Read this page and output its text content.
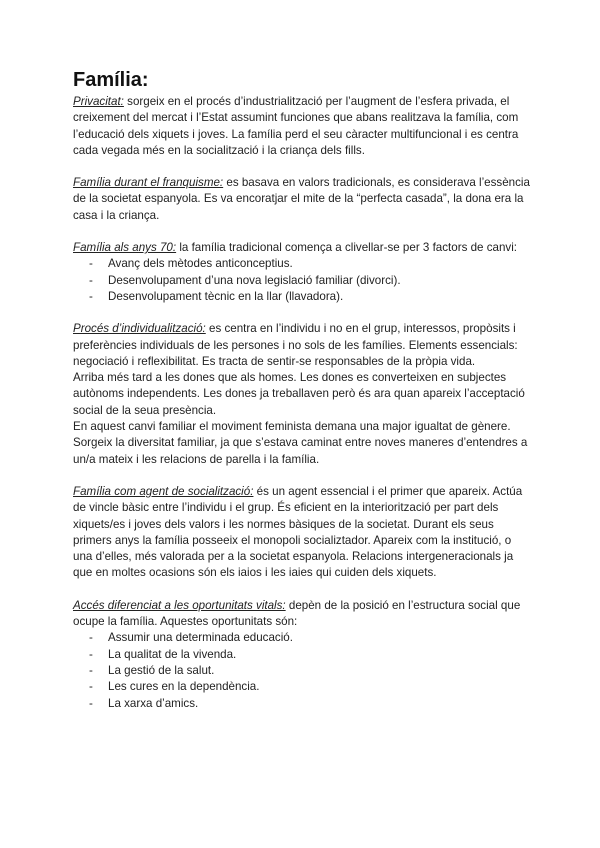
Família:

Privacitat: sorgeix en el procés d’industrialització per l’augment de l’esfera privada, el creixement del mercat i l’Estat assumint funciones que abans realitzava la família, com l’educació dels xiquets i joves. La família perd el seu càracter multifuncional i es centra cada vegada més en la socialització i la criança dels fills.

Família durant el franquisme: es basava en valors tradicionals, es considerava l’essència de la societat espanyola. Es va encoratjar el mite de la “perfecta casada”, la dona era la casa i la criança.

Família als anys 70: la família tradicional comença a clivellar-se per 3 factors de canvi:

- Avanç dels mètodes anticonceptius.
- Desenvolupament d’una nova legislació familiar (divorci).
- Desenvolupament tècnic en la llar (llavadora).

Procés d’individualització: es centra en l’individu i no en el grup, interessos, propòsits i preferències individuals de les persones i no sols de les famílies. Elements essencials: negociació i reflexibilitat. Es tracta de sentir-se responsables de la pròpia vida.

Arriba més tard a les dones que als homes. Les dones es converteixen en subjectes autònoms independents. Les dones ja treballaven però és ara quan apareix l’acceptació social de la seua presència.

En aquest canvi familiar el moviment feminista demana una major igualtat de gènere. Sorgeix la diversitat familiar, ja que s’estava caminat entre noves maneres d’entendres a un/a mateix i les relacions de parella i la família.

Família com agent de socialització: és un agent essencial i el primer que apareix. Actúa de vincle bàsic entre l’individu i el grup. És eficient en la interiorització per part dels xiquets/es i joves dels valors i les normes bàsiques de la societat. Durant els seus primers anys la família posseeix el monopoli socializtador. Apareix com la institució, o una d’elles, més valorada per a la societat espanyola. Relacions intergeneracionals ja que en moltes ocasions són els iaios i les iaies qui cuiden dels xiquets.

Accés diferenciat a les oportunitats vitals: depèn de la posició en l’estructura social que ocupe la família. Aquestes oportunitats són:

- Assumir una determinada educació.
- La qualitat de la vivenda.
- La gestió de la salut.
- Les cures en la dependència.
- La xarxa d’amics.
